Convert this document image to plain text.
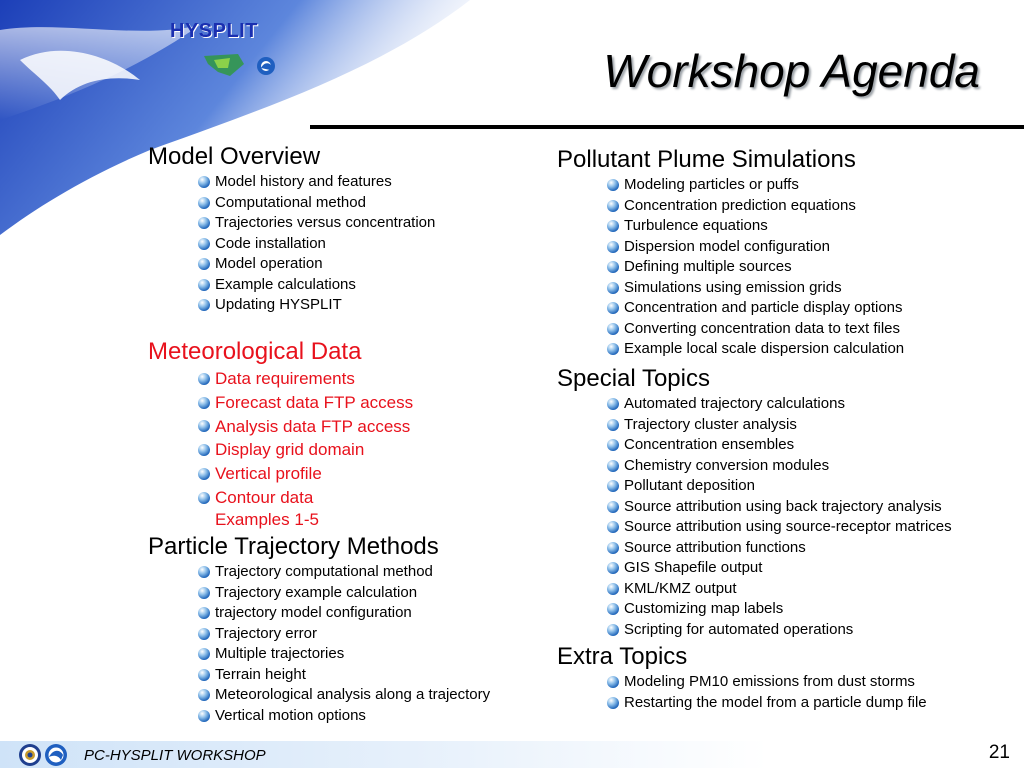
HYSPLIT
Workshop Agenda
Model Overview
Model history and features
Computational method
Trajectories versus concentration
Code installation
Model operation
Example calculations
Updating HYSPLIT
Meteorological Data
Data requirements
Forecast data FTP access
Analysis data FTP access
Display grid domain
Vertical profile
Contour data
Examples 1-5
Particle Trajectory Methods
Trajectory computational method
Trajectory example calculation
trajectory model configuration
Trajectory error
Multiple trajectories
Terrain height
Meteorological analysis along a trajectory
Vertical motion options
Pollutant Plume Simulations
Modeling particles or puffs
Concentration prediction equations
Turbulence equations
Dispersion model configuration
Defining multiple sources
Simulations using emission grids
Concentration and particle display options
Converting concentration data to text files
Example local scale dispersion calculation
Special Topics
Automated trajectory calculations
Trajectory cluster analysis
Concentration ensembles
Chemistry conversion modules
Pollutant deposition
Source attribution using back trajectory analysis
Source attribution using source-receptor matrices
Source attribution functions
GIS Shapefile output
KML/KMZ output
Customizing map labels
Scripting for automated operations
Extra Topics
Modeling PM10 emissions from dust storms
Restarting the model from a particle dump file
PC-HYSPLIT WORKSHOP	21
